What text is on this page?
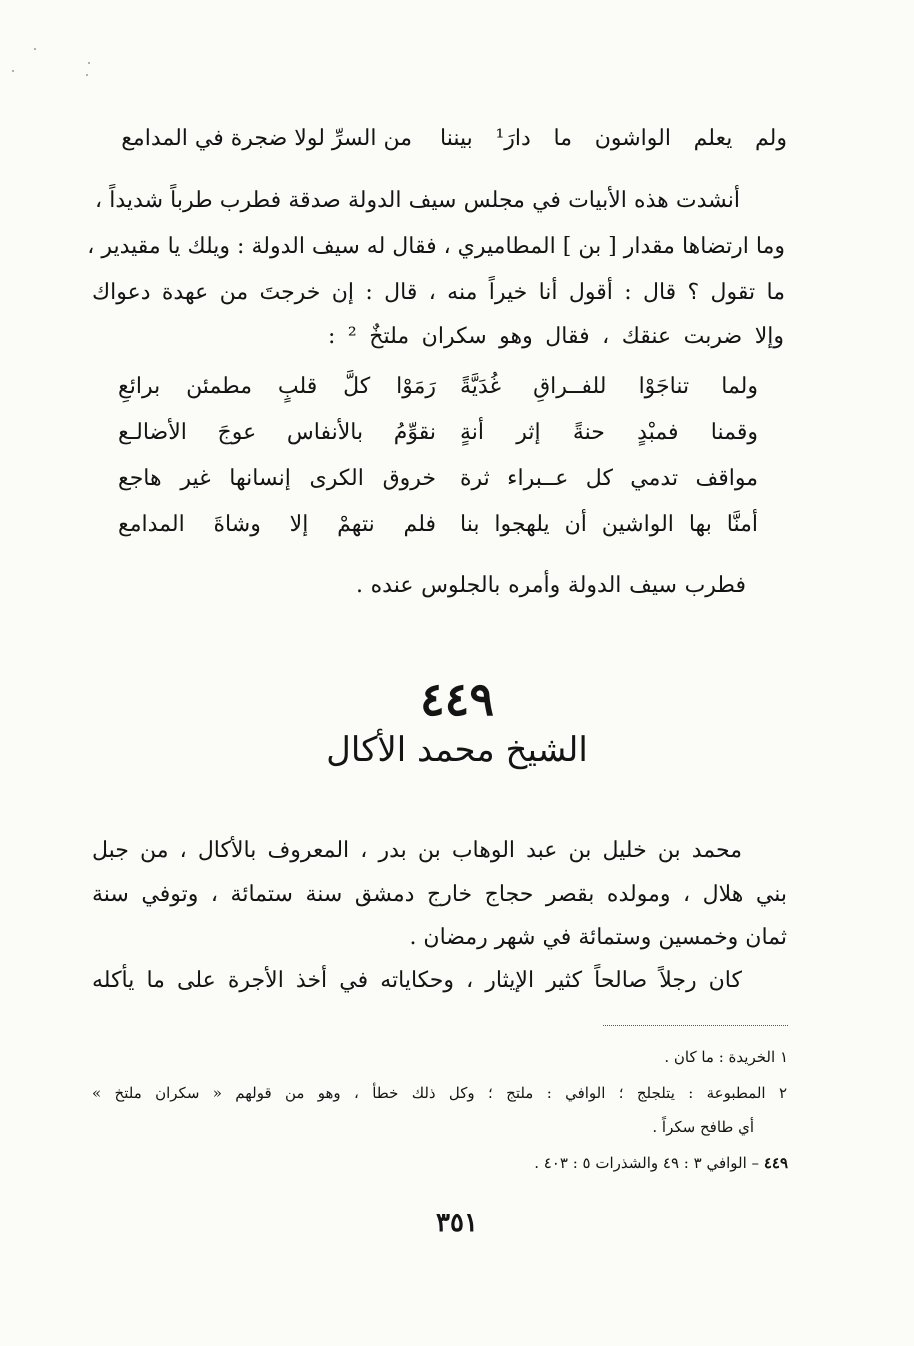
ولم يعلم الواشون ما دارَ¹ بيننا
من السرِّ لولا ضجرة في المدامع
أنشدت هذه الأبيات في مجلس سيف الدولة صدقة فطرب طرباً شديداً ،
وما ارتضاها مقدار [ بن ] المطاميري ، فقال له سيف الدولة : ويلك يا مقيدير ،
ما تقول ؟ قال : أقول أنا خيراً منه ، قال : إن خرجتَ من عهدة دعواك
وإلا ضربت عنقك ، فقال وهو سكران ملتخٌ ² :
ولما تناجَوْا للفــراقِ غُدَيَّةً
رَمَوْا كلَّ قلبٍ مطمئن برائعِ
وقمنا فمبْدٍ حنةً إثر أنةٍ
نقوِّمُ بالأنفاس عوجَ الأضالـع
مواقف تدمي كل عــبراء ثرة
خروق الكرى إنسانها غير هاجع
أمنَّا بها الواشين أن يلهجوا بنا
فلم نتهمْ إلا وشاةَ المدامع
فطرب سيف الدولة وأمره بالجلوس عنده .
٤٤٩
الشيخ محمد الأكال
محمد بن خليل بن عبد الوهاب بن بدر ، المعروف بالأكال ، من جبل
بني هلال ، ومولده بقصر حجاج خارج دمشق سنة ستمائة ، وتوفي سنة
ثمان وخمسين وستمائة في شهر رمضان .
كان رجلاً صالحاً كثير الإيثار ، وحكاياته في أخذ الأجرة على ما يأكله
١ الخريدة : ما كان .
٢ المطبوعة : يتلجلج ؛ الوافي : ملتج ؛ وكل ذلك خطأ ، وهو من قولهم « سكران ملتخ »
أي طافح سكراً .
٤٤٩ – الوافي ٣ : ٤٩ والشذرات ٥ : ٤٠٣ .
٣٥١
